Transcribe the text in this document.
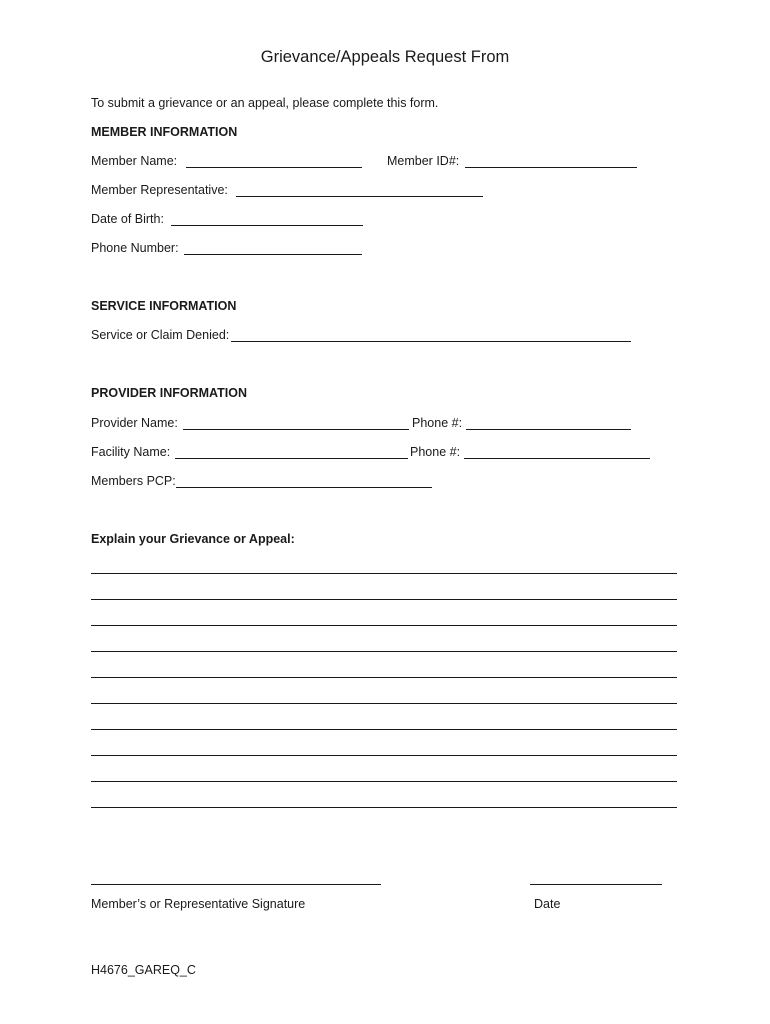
Grievance/Appeals Request From
To submit a grievance or an appeal, please complete this form.
MEMBER INFORMATION
Member Name:	Member ID#:
Member Representative:
Date of Birth:
Phone Number:
SERVICE INFORMATION
Service or Claim Denied:
PROVIDER INFORMATION
Provider Name:	Phone #:
Facility Name:	Phone #:
Members PCP:
Explain your Grievance or Appeal:
Member’s or Representative Signature	Date
H4676_GAREQ_C
